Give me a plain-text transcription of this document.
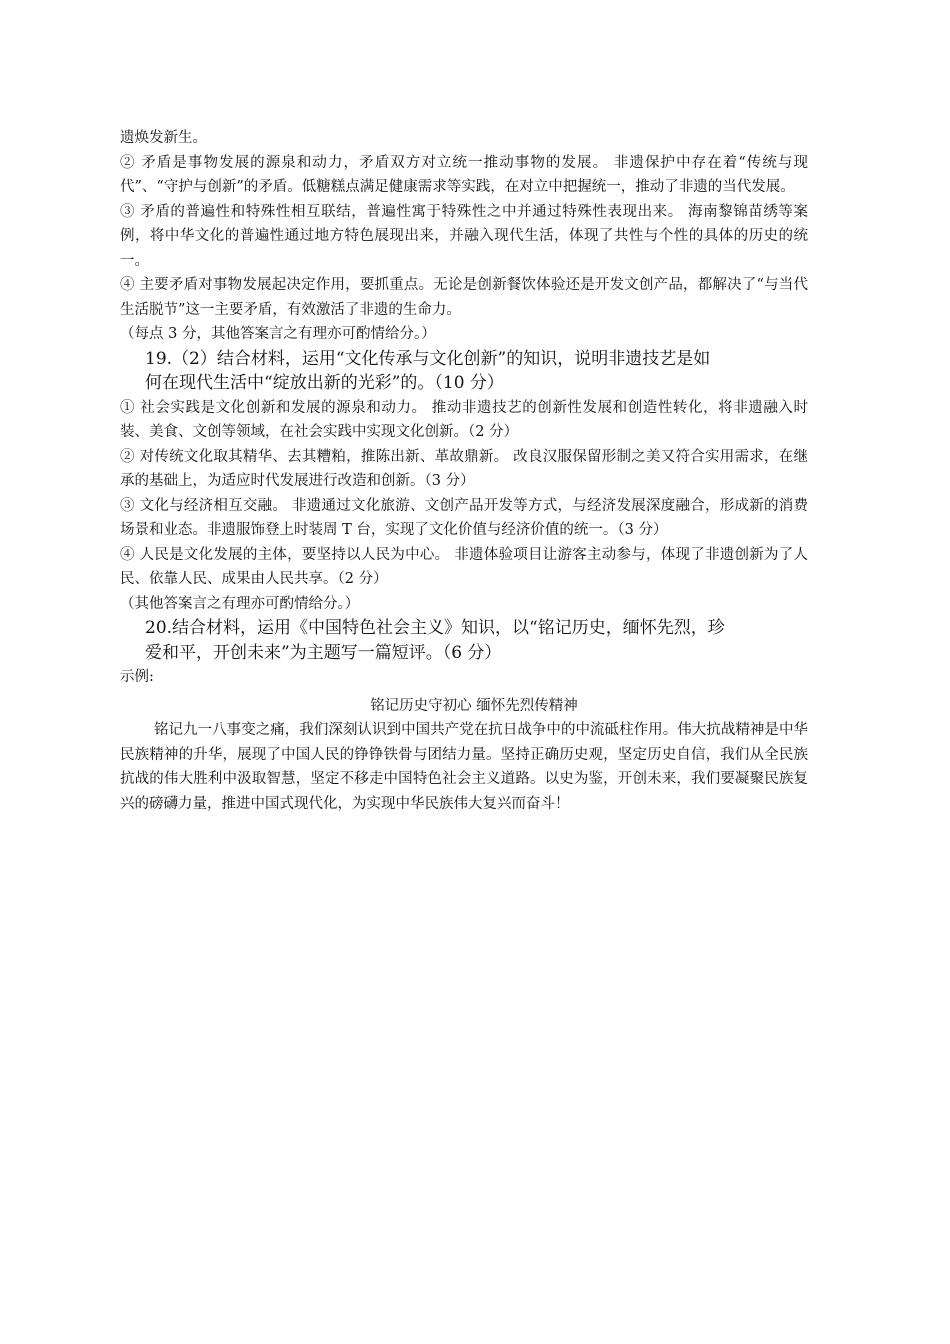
遗焕发新生。

② 矛盾是事物发展的源泉和动力，矛盾双方对立统一推动事物的发展。 非遗保护中存在着“传统与现代”、“守护与创新”的矛盾。低糖糕点满足健康需求等实践，在对立中把握统一，推动了非遗的当代发展。

③ 矛盾的普遍性和特殊性相互联结，普遍性寓于特殊性之中并通过特殊性表现出来。 海南黎锦苗绣等案例，将中华文化的普遍性通过地方特色展现出来，并融入现代生活，体现了共性与个性的具体的历史的统一。

④ 主要矛盾对事物发展起决定作用，要抓重点。无论是创新餐饮体验还是开发文创产品，都解决了“与当代生活脱节”这一主要矛盾，有效激活了非遗的生命力。

（每点 3 分，其他答案言之有理亦可酌情给分。）

19.（2）结合材料，运用“文化传承与文化创新”的知识，说明非遗技艺是如
何在现代生活中“绽放出新的光彩”的。（10 分）

① 社会实践是文化创新和发展的源泉和动力。 推动非遗技艺的创新性发展和创造性转化，将非遗融入时装、美食、文创等领域，在社会实践中实现文化创新。（2 分）

② 对传统文化取其精华、去其糟粕，推陈出新、革故鼎新。 改良汉服保留形制之美又符合实用需求，在继承的基础上，为适应时代发展进行改造和创新。（3 分）

③ 文化与经济相互交融。 非遗通过文化旅游、文创产品开发等方式，与经济发展深度融合，形成新的消费场景和业态。非遗服饰登上时装周 T 台，实现了文化价值与经济价值的统一。（3 分）

④ 人民是文化发展的主体，要坚持以人民为中心。 非遗体验项目让游客主动参与，体现了非遗创新为了人民、依靠人民、成果由人民共享。（2 分）

（其他答案言之有理亦可酌情给分。）

20.结合材料，运用《中国特色社会主义》知识，以“铭记历史，缅怀先烈，珍
爱和平，开创未来”为主题写一篇短评。（6 分）

示例:

铭记历史守初心 缅怀先烈传精神

铭记九一八事变之痛，我们深刻认识到中国共产党在抗日战争中的中流砥柱作用。伟大抗战精神是中华民族精神的升华，展现了中国人民的铮铮铁骨与团结力量。坚持正确历史观，坚定历史自信，我们从全民族抗战的伟大胜利中汲取智慧，坚定不移走中国特色社会主义道路。以史为鉴，开创未来，我们要凝聚民族复兴的磅礴力量，推进中国式现代化，为实现中华民族伟大复兴而奋斗！
